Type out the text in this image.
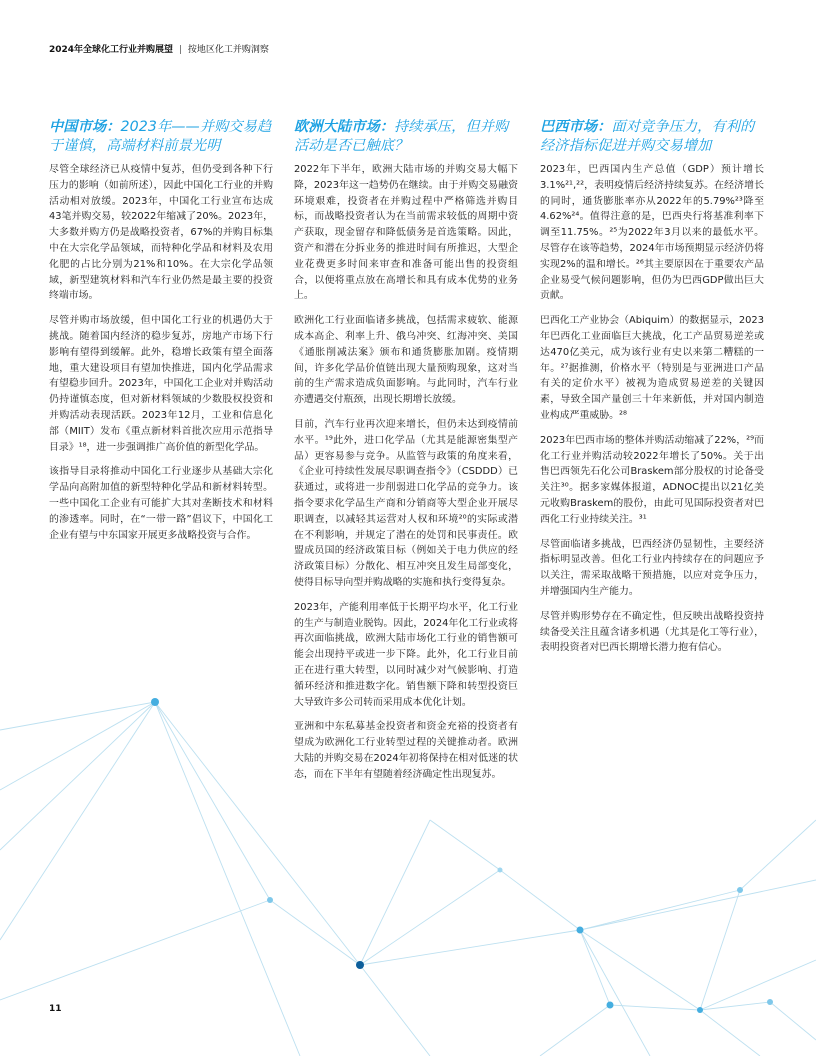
2024年全球化工行业并购展望 | 按地区化工并购洞察
中国市场：2023年——并购交易趋于谨慎，高端材料前景光明

尽管全球经济已从疫情中复苏，但仍受到各种下行压力的影响（如前所述），因此中国化工行业的并购活动相对放缓。2023年，中国化工行业宣布达成43笔并购交易，较2022年缩减了20%。2023年，大多数并购方仍是战略投资者，67%的并购目标集中在大宗化学品领域，而特种化学品和材料及农用化肥的占比分别为21%和10%。在大宗化学品领域，新型建筑材料和汽车行业仍然是最主要的投资终端市场。

尽管并购市场放缓，但中国化工行业的机遇仍大于挑战。随着国内经济的稳步复苏，房地产市场下行影响有望得到缓解。此外，稳增长政策有望全面落地，重大建设项目有望加快推进，国内化学品需求有望稳步回升。2023年，中国化工企业对并购活动仍持谨慎态度，但对新材料领域的少数股权投资和并购活动表现活跃。2023年12月，工业和信息化部（MIIT）发布《重点新材料首批次应用示范指导目录》¹⁸，进一步强调推广高价值的新型化学品。

该指导目录将推动中国化工行业逐步从基础大宗化学品向高附加值的新型特种化学品和新材料转型。一些中国化工企业有可能扩大其对垄断技术和材料的渗透率。同时，在“一带一路”倡议下，中国化工企业有望与中东国家开展更多战略投资与合作。

欧洲大陆市场：持续承压，但并购活动是否已触底？

2022年下半年，欧洲大陆市场的并购交易大幅下降，2023年这一趋势仍在继续。由于并购交易融资环境艰难，投资者在并购过程中严格筛选并购目标，而战略投资者认为在当前需求较低的周期中资产获取，现金留存和降低债务是首选策略。因此，资产和潜在分拆业务的推进时间有所推迟，大型企业花费更多时间来审查和准备可能出售的投资组合，以便将重点放在高增长和具有成本优势的业务上。

欧洲化工行业面临诸多挑战，包括需求疲软、能源成本高企、利率上升、俄乌冲突、红海冲突、美国《通胀削减法案》颁布和通货膨胀加剧。疫情期间，许多化学品价值链出现大量预购现象，这对当前的生产需求造成负面影响。与此同时，汽车行业亦遭遇交付瓶颈，出现长期增长放缓。

目前，汽车行业再次迎来增长，但仍未达到疫情前水平。¹⁹此外，进口化学品（尤其是能源密集型产品）更容易参与竞争。从监管与政策的角度来看，《企业可持续性发展尽职调查指令》（CSDDD）已获通过，或将进一步削弱进口化学品的竞争力。该指令要求化学品生产商和分销商等大型企业开展尽职调查，以减轻其运营对人权和环境²⁰的实际或潜在不利影响，并规定了潜在的处罚和民事责任。欧盟成员国的经济政策目标（例如关于电力供应的经济政策目标）分散化、相互冲突且发生局部变化，使得目标导向型并购战略的实施和执行变得复杂。

2023年，产能利用率低于长期平均水平，化工行业的生产与制造业脱钩。因此，2024年化工行业或将再次面临挑战，欧洲大陆市场化工行业的销售额可能会出现持平或进一步下降。此外，化工行业目前正在进行重大转型，以同时减少对气候影响、打造循环经济和推进数字化。销售额下降和转型投资巨大导致许多公司转而采用成本优化计划。

亚洲和中东私募基金投资者和资金充裕的投资者有望成为欧洲化工行业转型过程的关键推动者。欧洲大陆的并购交易在2024年初将保持在相对低迷的状态，而在下半年有望随着经济确定性出现复苏。

巴西市场：面对竞争压力，有利的经济指标促进并购交易增加

2023年，巴西国内生产总值（GDP）预计增长3.1%²¹,²²，表明疫情后经济持续复苏。在经济增长的同时，通货膨胀率亦从2022年的5.79%²³降至4.62%²⁴。值得注意的是，巴西央行将基准利率下调至11.75%。²⁵为2022年3月以来的最低水平。尽管存在该等趋势，2024年市场预期显示经济仍将实现2%的温和增长。²⁶其主要原因在于重要农产品企业易受气候问题影响，但仍为巴西GDP做出巨大贡献。

巴西化工产业协会（Abiquim）的数据显示，2023年巴西化工业面临巨大挑战，化工产品贸易逆差或达470亿美元，成为该行业有史以来第二糟糕的一年。²⁷据推测，价格水平（特别是与亚洲进口产品有关的定价水平）被视为造成贸易逆差的关键因素，导致全国产量创三十年来新低，并对国内制造业构成严重威胁。²⁸

2023年巴西市场的整体并购活动缩减了22%，²⁹而化工行业并购活动较2022年增长了50%。关于出售巴西领先石化公司Braskem部分股权的讨论备受关注³⁰。据多家媒体报道，ADNOC提出以21亿美元收购Braskem的股份，由此可见国际投资者对巴西化工行业持续关注。³¹

尽管面临诸多挑战，巴西经济仍显韧性，主要经济指标明显改善。但化工行业内持续存在的问题应予以关注，需采取战略干预措施，以应对竞争压力，并增强国内生产能力。

尽管并购形势存在不确定性，但反映出战略投资持续备受关注且蕴含诸多机遇（尤其是化工等行业），表明投资者对巴西长期增长潜力抱有信心。

11
